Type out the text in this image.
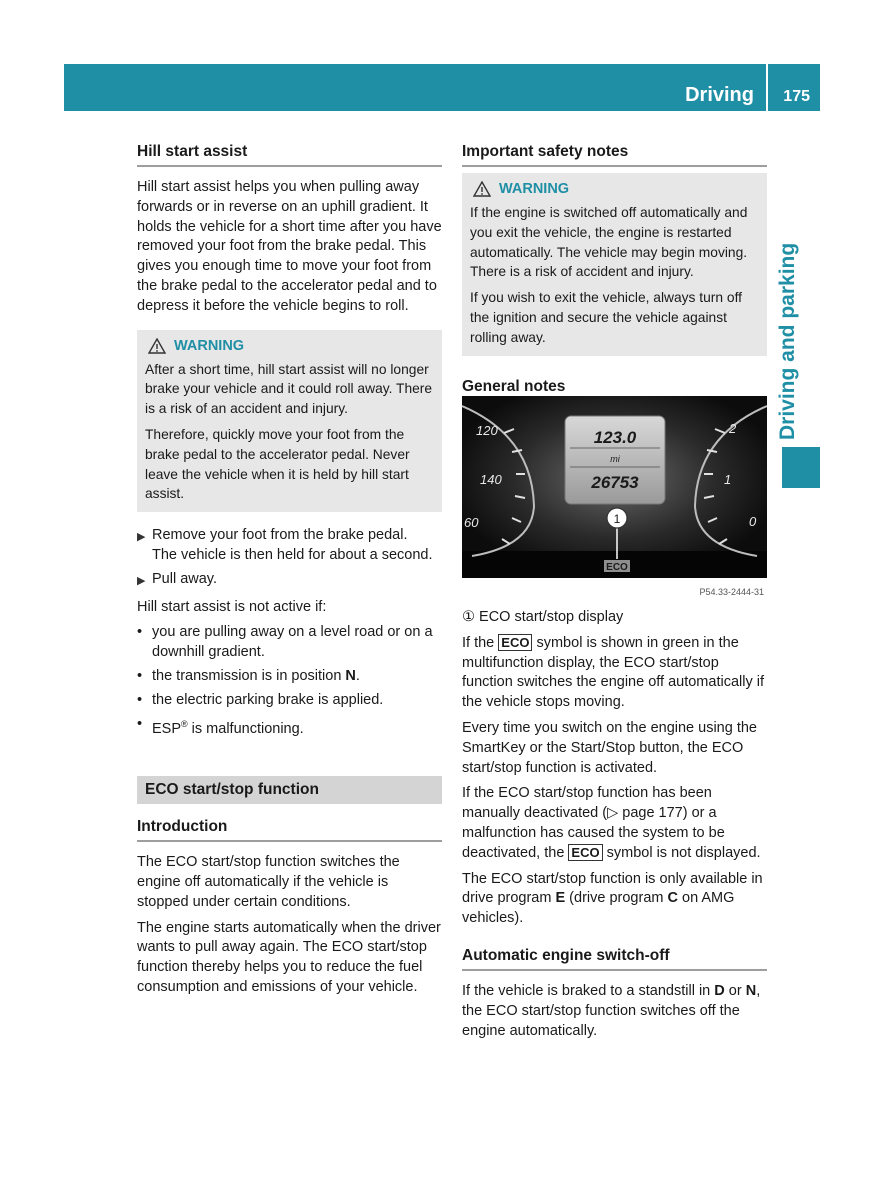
Driving 175
Driving and parking

Hill start assist

Hill start assist helps you when pulling away forwards or in reverse on an uphill gradient. It holds the vehicle for a short time after you have removed your foot from the brake pedal. This gives you enough time to move your foot from the brake pedal to the accelerator pedal and to depress it before the vehicle begins to roll.

WARNING

After a short time, hill start assist will no longer brake your vehicle and it could roll away. There is a risk of an accident and injury.

Therefore, quickly move your foot from the brake pedal to the accelerator pedal. Never leave the vehicle when it is held by hill start assist.

▶ Remove your foot from the brake pedal.
The vehicle is then held for about a second.
▶ Pull away.

Hill start assist is not active if:

• you are pulling away on a level road or on a downhill gradient.
• the transmission is in position N.
• the electric parking brake is applied.
• ESP® is malfunctioning.
ECO start/stop function

Introduction

The ECO start/stop function switches the engine off automatically if the vehicle is stopped under certain conditions.

The engine starts automatically when the driver wants to pull away again. The ECO start/stop function thereby helps you to reduce the fuel consumption and emissions of your vehicle.

Important safety notes

WARNING

If the engine is switched off automatically and you exit the vehicle, the engine is restarted automatically. The vehicle may begin moving. There is a risk of accident and injury.

If you wish to exit the vehicle, always turn off the ignition and secure the vehicle against rolling away.

General notes

120
140
60
2
1
0
123.0
mi
26753
1
ECO
P54.33-2444-31

① ECO start/stop display

If the ECO symbol is shown in green in the multifunction display, the ECO start/stop function switches the engine off automatically if the vehicle stops moving.

Every time you switch on the engine using the SmartKey or the Start/Stop button, the ECO start/stop function is activated.

If the ECO start/stop function has been manually deactivated (▷ page 177) or a malfunction has caused the system to be deactivated, the ECO symbol is not displayed.

The ECO start/stop function is only available in drive program E (drive program C on AMG vehicles).

Automatic engine switch-off

If the vehicle is braked to a standstill in D or N, the ECO start/stop function switches off the engine automatically.
